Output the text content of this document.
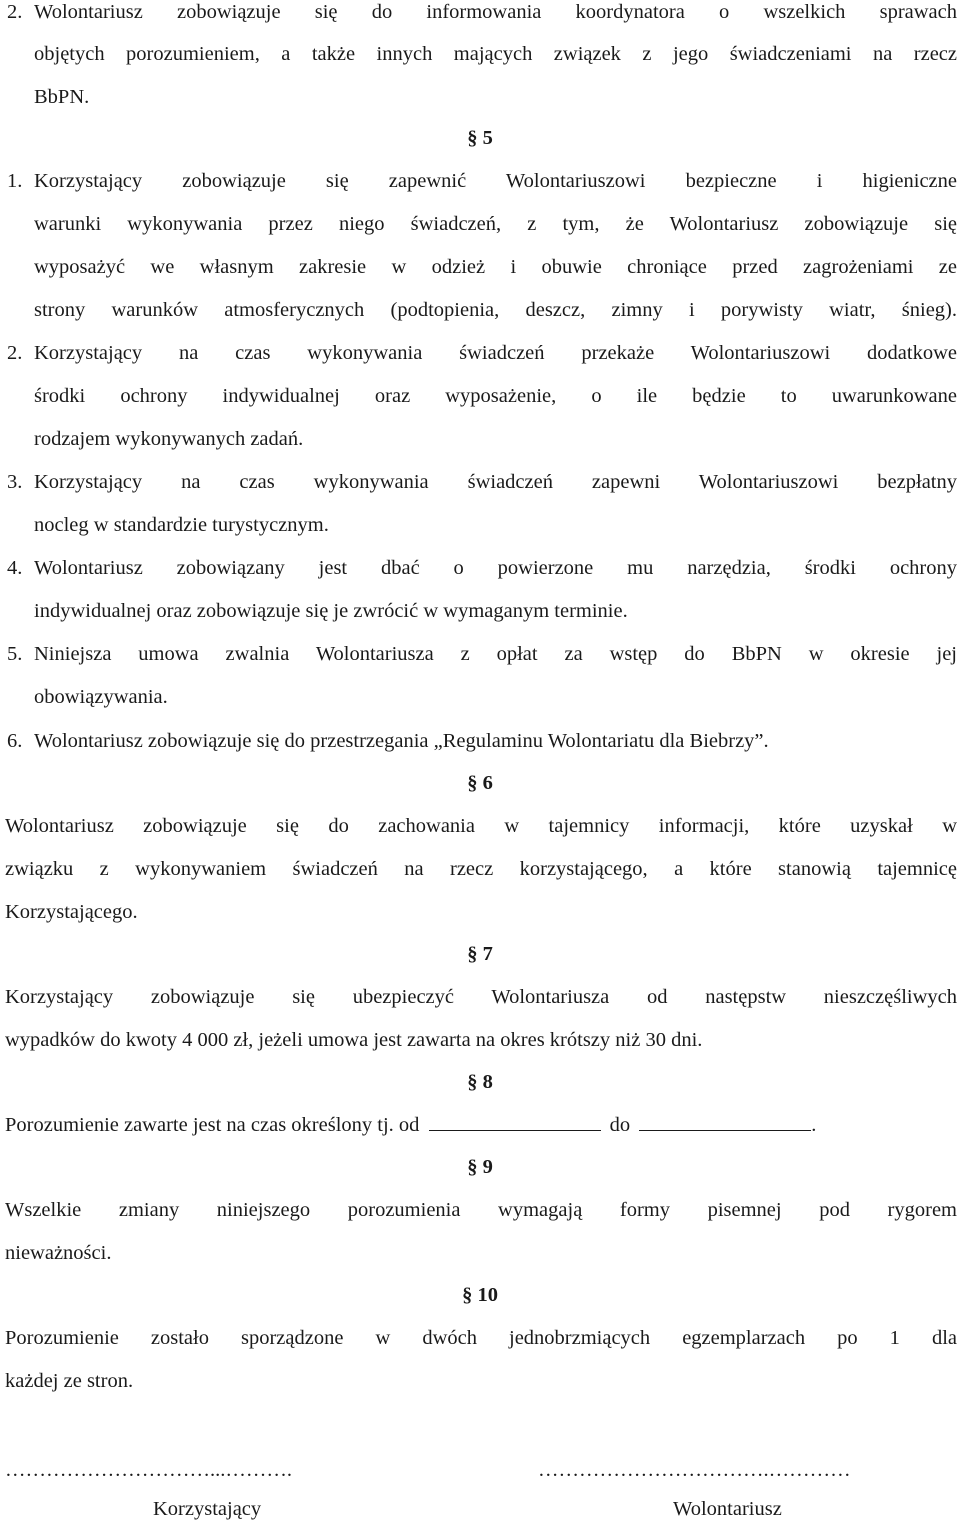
2. Wolontariusz zobowiązuje się do informowania koordynatora o wszelkich sprawach
objętych porozumieniem, a także innych mających związek z jego świadczeniami na rzecz
BbPN.
§ 5
1. Korzystający zobowiązuje się zapewnić Wolontariuszowi bezpieczne i higieniczne
warunki wykonywania przez niego świadczeń, z tym, że Wolontariusz zobowiązuje się
wyposażyć we własnym zakresie w odzież i obuwie chroniące przed zagrożeniami ze
strony warunków atmosferycznych (podtopienia, deszcz, zimny i porywisty wiatr, śnieg).
2. Korzystający na czas wykonywania świadczeń przekaże Wolontariuszowi dodatkowe
środki ochrony indywidualnej oraz wyposażenie, o ile będzie to uwarunkowane
rodzajem wykonywanych zadań.
3. Korzystający na czas wykonywania świadczeń zapewni Wolontariuszowi bezpłatny
nocleg w standardzie turystycznym.
4. Wolontariusz zobowiązany jest dbać o powierzone mu narzędzia, środki ochrony
indywidualnej oraz zobowiązuje się je zwrócić w wymaganym terminie.
5. Niniejsza umowa zwalnia Wolontariusza z opłat za wstęp do BbPN w okresie jej
obowiązywania.
6. Wolontariusz zobowiązuje się do przestrzegania „Regulaminu Wolontariatu dla Biebrzy”.
§ 6
Wolontariusz zobowiązuje się do zachowania w tajemnicy informacji, które uzyskał w
związku z wykonywaniem świadczeń na rzecz korzystającego, a które stanowią tajemnicę
Korzystającego.
§ 7
Korzystający zobowiązuje się ubezpieczyć Wolontariusza od następstw nieszczęśliwych
wypadków do kwoty 4 000 zł, jeżeli umowa jest zawarta na okres krótszy niż 30 dni.
§ 8
Porozumienie zawarte jest na czas określony tj. od	do	.
§ 9
Wszelkie zmiany niniejszego porozumienia wymagają formy pisemnej pod rygorem
nieważności.
§ 10
Porozumienie zostało sporządzone w dwóch jednobrzmiących egzemplarzach po 1 dla
każdej ze stron.
…………………………...……….	…………………………….…………
Korzystający	Wolontariusz
